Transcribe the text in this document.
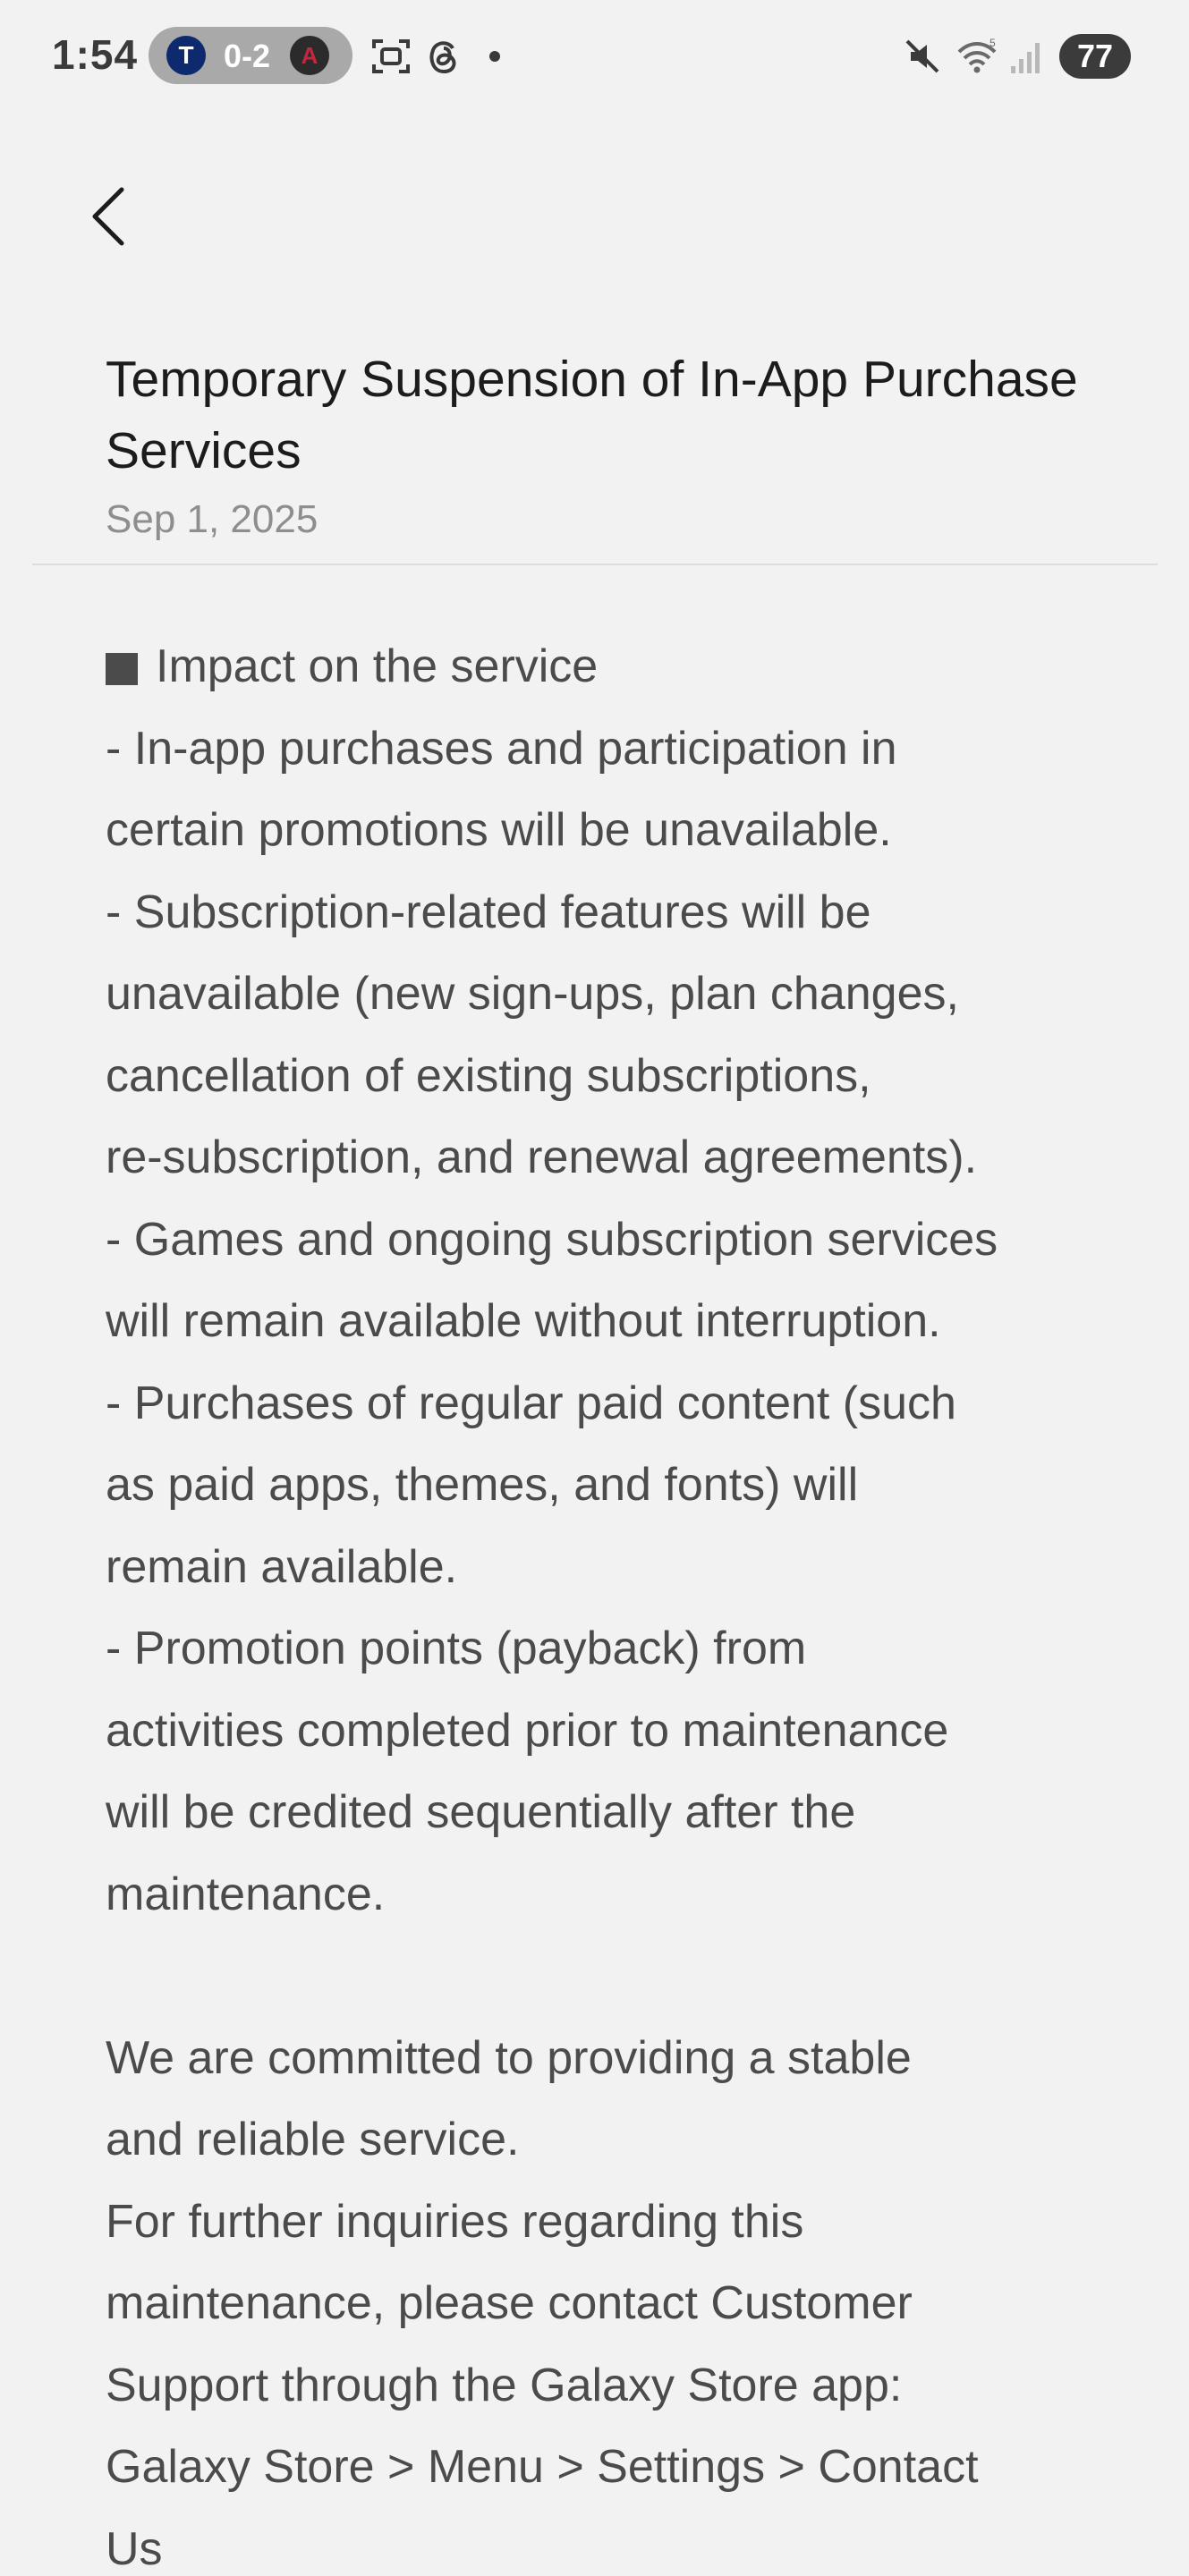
1:54	T 0-2	A	5	77
Temporary Suspension of In-App Purchase Services
Sep 1, 2025
Impact on the service
- In-app purchases and participation in
certain promotions will be unavailable.
- Subscription-related features will be
unavailable (new sign-ups, plan changes,
cancellation of existing subscriptions,
re-subscription, and renewal agreements).
- Games and ongoing subscription services
will remain available without interruption.
- Purchases of regular paid content (such
as paid apps, themes, and fonts) will
remain available.
- Promotion points (payback) from
activities completed prior to maintenance
will be credited sequentially after the
maintenance.
We are committed to providing a stable
and reliable service.
For further inquiries regarding this
maintenance, please contact Customer
Support through the Galaxy Store app:
Galaxy Store > Menu > Settings > Contact
Us
